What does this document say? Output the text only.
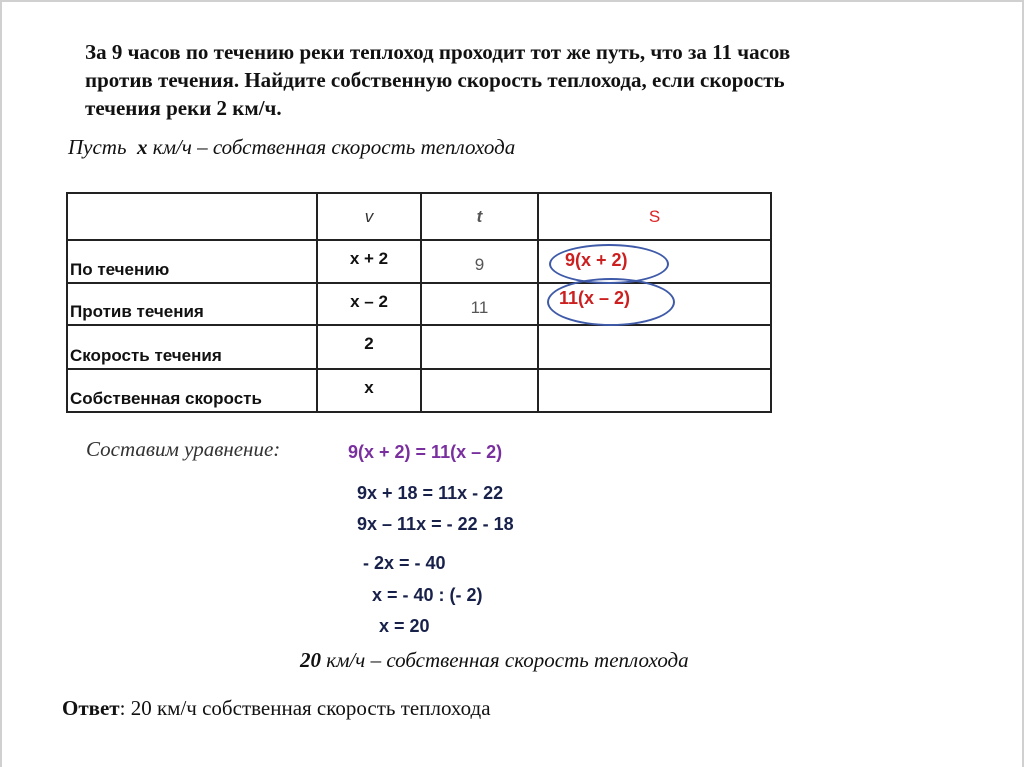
За 9 часов по течению реки теплоход проходит тот же путь, что за 11 часов
против течения. Найдите собственную скорость теплохода, если скорость
течения реки 2 км/ч.
Пусть x км/ч – собственная скорость теплохода
	v	t	S
По течению	x + 2	9	9(x + 2)

Против течения	x – 2	11	11(x – 2)

Скорость течения	2		
Собственная скорость	x		
Составим уравнение:	9(x + 2) = 11(x – 2)
9x + 18 = 11x - 22
9x – 11x = - 22 - 18
- 2x = - 40
x = - 40 : (- 2)
x = 20
20 км/ч – собственная скорость теплохода
Ответ: 20 км/ч собственная скорость теплохода
